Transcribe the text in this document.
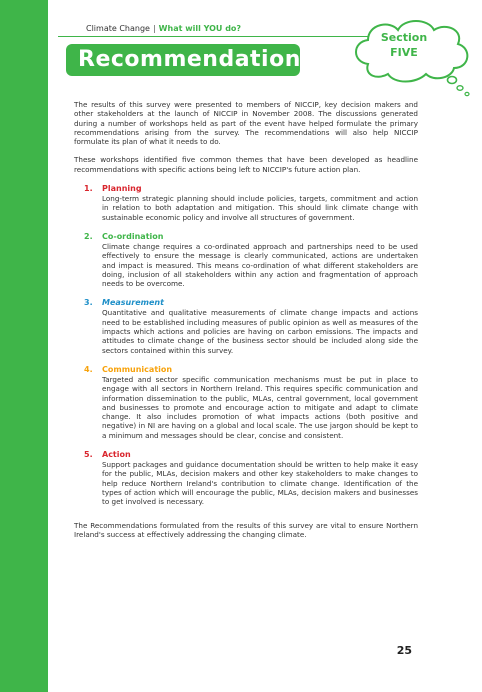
Climate Change | What will YOU do?
Recommendations
Section
FIVE

The results of this survey were presented to members of NICCIP, key decision makers and other stakeholders at the launch of NICCIP in November 2008. The discussions generated during a number of workshops held as part of the event have helped formulate the primary recommendations arising from the survey. The recommendations will also help NICCIP formulate its plan of what it needs to do.

These workshops identified five common themes that have been developed as headline recommendations with specific actions being left to NICCIP's future action plan.

1. Planning
Long-term strategic planning should include policies, targets, commitment and action in relation to both adaptation and mitigation. This should link climate change with sustainable economic policy and involve all structures of government.
2. Co-ordination
Climate change requires a co-ordinated approach and partnerships need to be used effectively to ensure the message is clearly communicated, actions are undertaken and impact is measured. This means co-ordination of what different stakeholders are doing, inclusion of all stakeholders within any action and fragmentation of approach needs to be overcome.
3. Measurement
Quantitative and qualitative measurements of climate change impacts and actions need to be established including measures of public opinion as well as measures of the impacts which actions and policies are having on carbon emissions. The impacts and attitudes to climate change of the business sector should be included along side the sectors contained within this survey.
4. Communication
Targeted and sector specific communication mechanisms must be put in place to engage with all sectors in Northern Ireland. This requires specific communication and information dissemination to the public, MLAs, central government, local government and businesses to promote and encourage action to mitigate and adapt to climate change. It also includes promotion of what impacts actions (both positive and negative) in NI are having on a global and local scale. The use jargon should be kept to a minimum and messages should be clear, concise and consistent.
5. Action
Support packages and guidance documentation should be written to help make it easy for the public, MLAs, decision makers and other key stakeholders to make changes to help reduce Northern Ireland's contribution to climate change. Identification of the types of action which will encourage the public, MLAs, decision makers and businesses to get involved is necessary.

The Recommendations formulated from the results of this survey are vital to ensure Northern Ireland's success at effectively addressing the changing climate.

25
